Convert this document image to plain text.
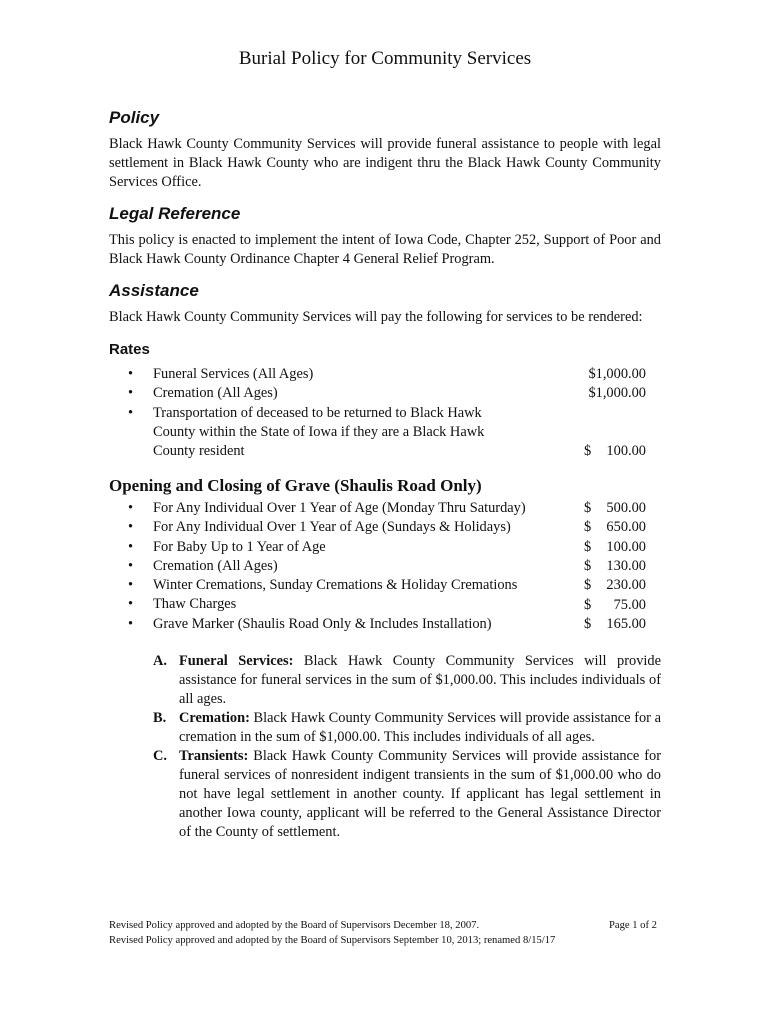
Burial Policy for Community Services
Policy
Black Hawk County Community Services will provide funeral assistance to people with legal
settlement in Black Hawk County who are indigent thru the Black Hawk County Community
Services Office.
Legal Reference
This policy is enacted to implement the intent of Iowa Code, Chapter 252, Support of Poor and
Black Hawk County Ordinance Chapter 4 General Relief Program.
Assistance
Black Hawk County Community Services will pay the following for services to be rendered:
Rates
• Funeral Services (All Ages)
• Cremation (All Ages)
• Transportation of deceased to be returned to Black Hawk
County within the State of Iowa if they are a Black Hawk
County resident
$1,000.00
$1,000.00
$ 100.00
Opening and Closing of Grave (Shaulis Road Only)
• For Any Individual Over 1 Year of Age (Monday Thru Saturday)
• For Any Individual Over 1 Year of Age (Sundays & Holidays)
• For Baby Up to 1 Year of Age
• Cremation (All Ages)
• Winter Cremations, Sunday Cremations & Holiday Cremations
• Thaw Charges
• Grave Marker (Shaulis Road Only & Includes Installation)
$ 500.00
$ 650.00
$ 100.00
$ 130.00
$ 230.00
$ 75.00
$ 165.00
A. Funeral Services: Black Hawk County Community Services will provide assistance for funeral services in the sum of $1,000.00. This includes individuals of all ages.
B. Cremation: Black Hawk County Community Services will provide assistance for a cremation in the sum of $1,000.00. This includes individuals of all ages.
C. Transients: Black Hawk County Community Services will provide assistance for funeral services of nonresident indigent transients in the sum of $1,000.00 who do not have legal settlement in another county. If applicant has legal settlement in another Iowa county, applicant will be referred to the General Assistance Director of the County of settlement.
Revised Policy approved and adopted by the Board of Supervisors December 18, 2007.
Revised Policy approved and adopted by the Board of Supervisors September 10, 2013; renamed 8/15/17
Page 1 of 2
